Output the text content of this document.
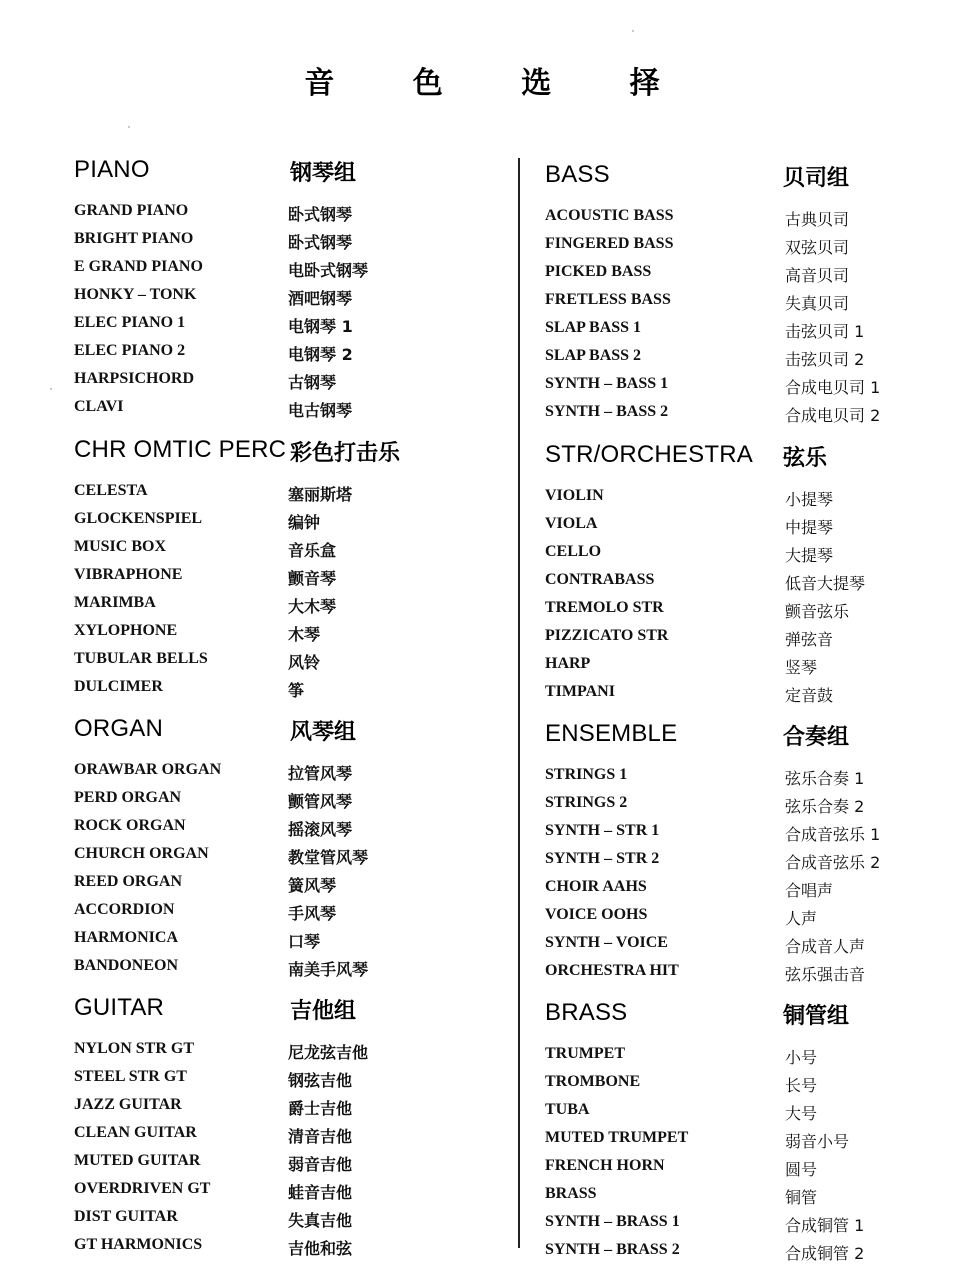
音 色 选 择
PIANO	钢琴组
GRAND PIANO	卧式钢琴
BRIGHT PIANO	卧式钢琴
E GRAND PIANO	电卧式钢琴
HONKY – TONK	酒吧钢琴
ELEC PIANO 1	电钢琴 1
ELEC PIANO 2	电钢琴 2
HARPSICHORD	古钢琴
CLAVI	电古钢琴
CHR OMTIC PERC 彩色打击乐
CELESTA	塞丽斯塔
GLOCKENSPIEL	编钟
MUSIC BOX	音乐盒
VIBRAPHONE	颤音琴
MARIMBA	大木琴
XYLOPHONE	木琴
TUBULAR BELLS	风铃
DULCIMER	筝
ORGAN	风琴组
ORAWBAR ORGAN	拉管风琴
PERD ORGAN	颤管风琴
ROCK ORGAN	摇滚风琴
CHURCH ORGAN	教堂管风琴
REED ORGAN	簧风琴
ACCORDION	手风琴
HARMONICA	口琴
BANDONEON	南美手风琴
GUITAR	吉他组
NYLON STR GT	尼龙弦吉他
STEEL STR GT	钢弦吉他
JAZZ GUITAR	爵士吉他
CLEAN GUITAR	清音吉他
MUTED GUITAR	弱音吉他
OVERDRIVEN GT	蛙音吉他
DIST GUITAR	失真吉他
GT HARMONICS	吉他和弦
BASS	贝司组
ACOUSTIC BASS	古典贝司
FINGERED BASS	双弦贝司
PICKED BASS	高音贝司
FRETLESS BASS	失真贝司
SLAP BASS 1	击弦贝司 1
SLAP BASS 2	击弦贝司 2
SYNTH – BASS 1	合成电贝司 1
SYNTH – BASS 2	合成电贝司 2
STR/ORCHESTRA 弦乐
VIOLIN	小提琴
VIOLA	中提琴
CELLO	大提琴
CONTRABASS	低音大提琴
TREMOLO STR	颤音弦乐
PIZZICATO STR	弹弦音
HARP	竖琴
TIMPANI	定音鼓
ENSEMBLE	合奏组
STRINGS 1	弦乐合奏 1
STRINGS 2	弦乐合奏 2
SYNTH – STR 1	合成音弦乐 1
SYNTH – STR 2	合成音弦乐 2
CHOIR AAHS	合唱声
VOICE OOHS	人声
SYNTH – VOICE	合成音人声
ORCHESTRA HIT	弦乐强击音
BRASS	铜管组
TRUMPET	小号
TROMBONE	长号
TUBA	大号
MUTED TRUMPET	弱音小号
FRENCH HORN	圆号
BRASS	铜管
SYNTH – BRASS 1	合成铜管 1
SYNTH – BRASS 2	合成铜管 2
